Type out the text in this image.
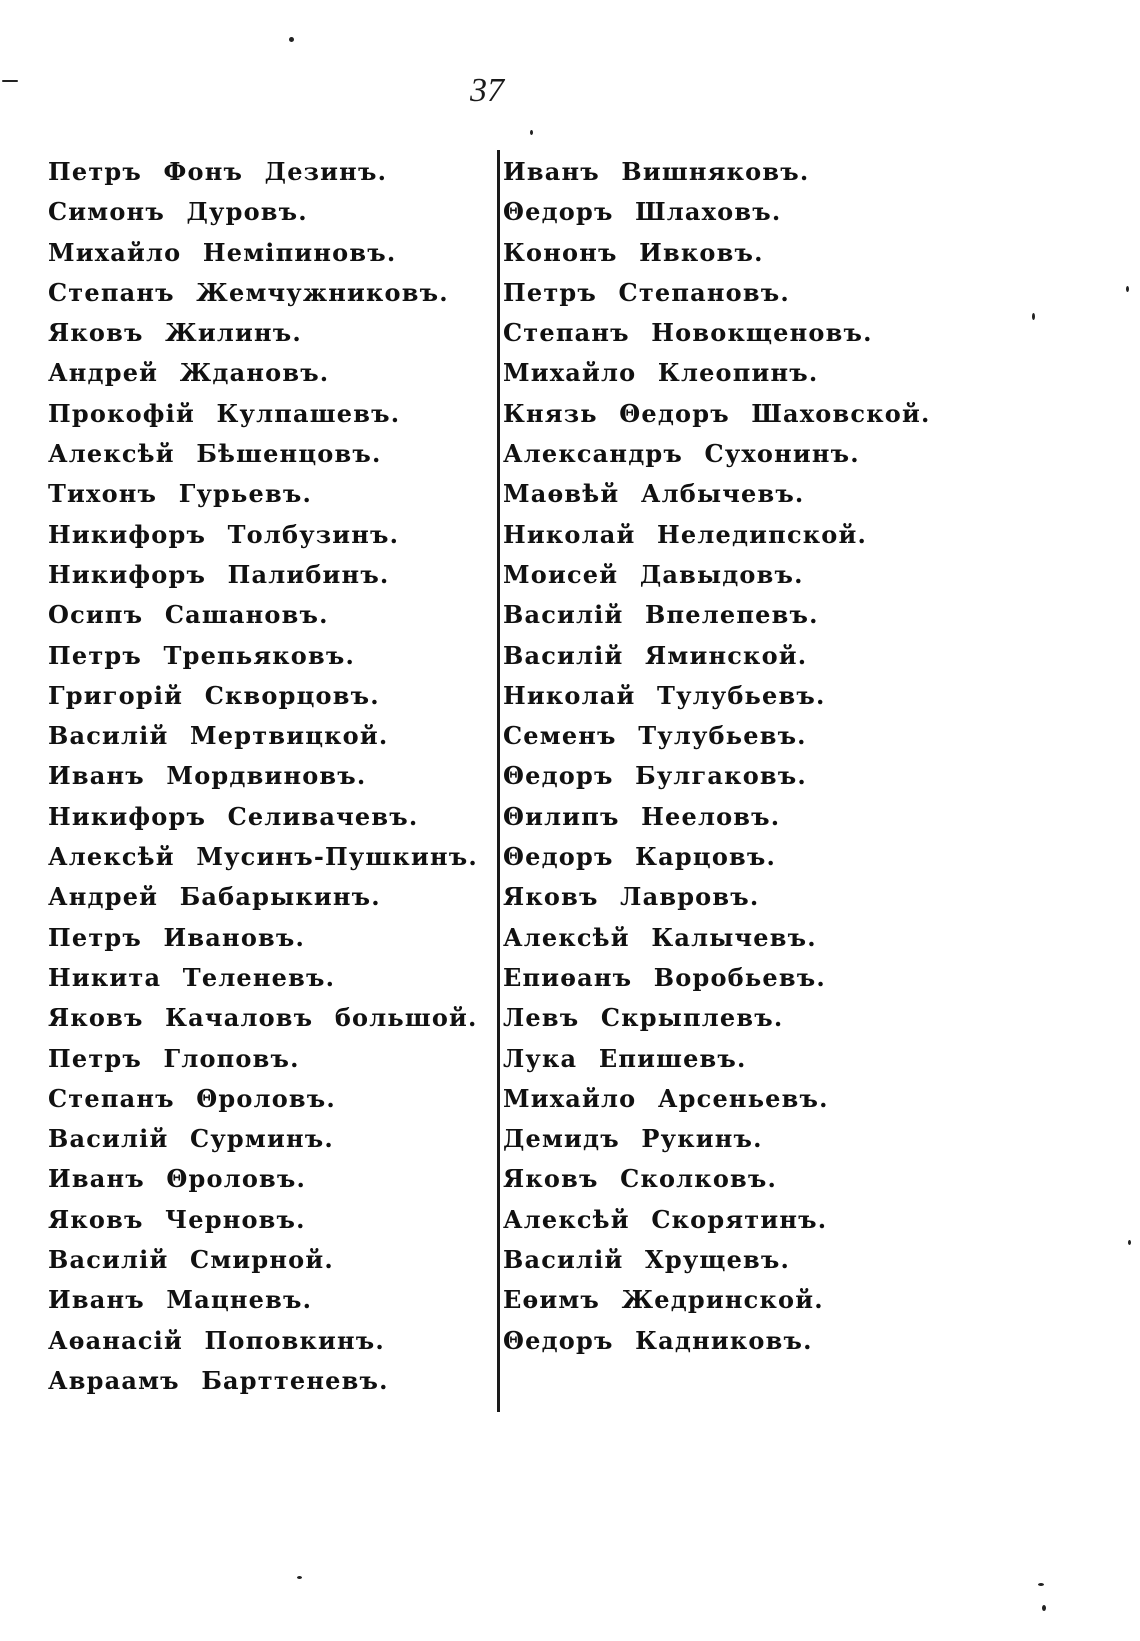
37
Петръ Фонъ Дезинъ.
Симонъ Дуровъ.
Михайло Неміпиновъ.
Степанъ Жемчужниковъ.
Яковъ Жилинъ.
Андрей Ждановъ.
Прокофій Кулпашевъ.
Алексѣй Бѣшенцовъ.
Тихонъ Гурьевъ.
Никифоръ Толбузинъ.
Никифоръ Палибинъ.
Осипъ Сашановъ.
Петръ Трепьяковъ.
Григорій Скворцовъ.
Василій Мертвицкой.
Иванъ Мордвиновъ.
Никифоръ Селивачевъ.
Алексѣй Мусинъ-Пушкинъ.
Андрей Бабарыкинъ.
Петръ Ивановъ.
Никита Теленевъ.
Яковъ Качаловъ большой.
Петръ Глоповъ.
Степанъ Θроловъ.
Василій Сурминъ.
Иванъ Θроловъ.
Яковъ Черновъ.
Василій Смирной.
Иванъ Мацневъ.
Аѳанасій Поповкинъ.
Авраамъ Барттеневъ.
Иванъ Вишняковъ.
Θедоръ Шлаховъ.
Кононъ Ивковъ.
Петръ Степановъ.
Степанъ Новокщеновъ.
Михайло Клеопинъ.
Князь Θедоръ Шаховской.
Александръ Сухонинъ.
Маѳвѣй Албычевъ.
Николай Неледипской.
Моисей Давыдовъ.
Василій Впелепевъ.
Василій Яминской.
Николай Тулубьевъ.
Семенъ Тулубьевъ.
Θедоръ Булгаковъ.
Θилипъ Нееловъ.
Θедоръ Карцовъ.
Яковъ Лавровъ.
Алексѣй Калычевъ.
Епиѳанъ Воробьевъ.
Левъ Скрыплевъ.
Лука Епишевъ.
Михайло Арсеньевъ.
Демидъ Рукинъ.
Яковъ Сколковъ.
Алексѣй Скорятинъ.
Василій Хрущевъ.
Еѳимъ Жедринской.
Θедоръ Кадниковъ.
